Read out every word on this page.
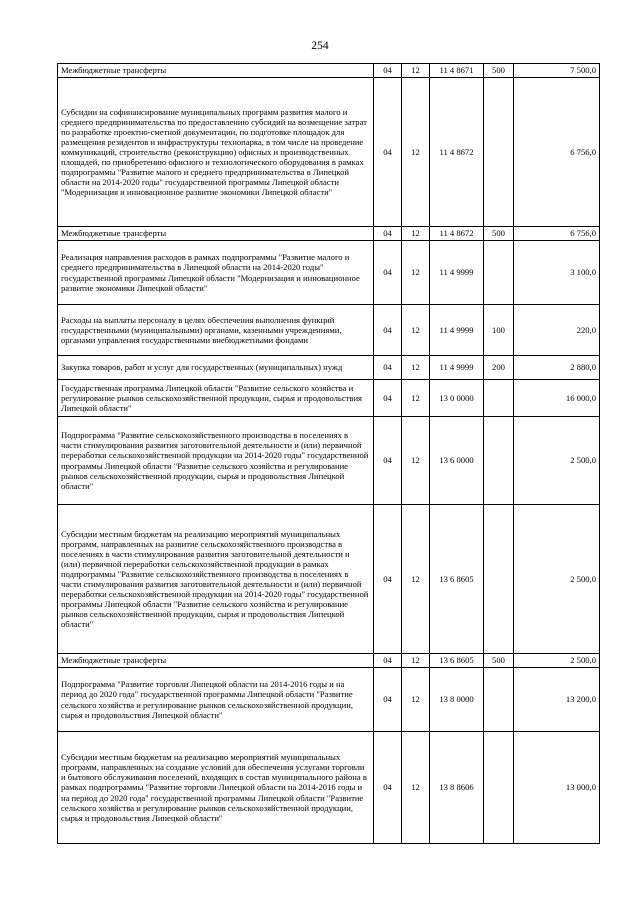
254
Межбюджетные трансферты	04	12	11 4 8671	500	7 500,0
Субсидии на софинансирование муниципальных программ развития малого и среднего предпринимательства по предоставлению субсидий на возмещение затрат по разработке проектно-сметной документации, по подготовке площадок для размещения резидентов и инфраструктуры технопарка, в том числе на проведение коммуникаций, строительство (реконструкцию) офисных и производственных площадей, по приобретению офисного и технологического оборудования в рамках подпрограммы "Развитие малого и среднего предпринимательства в Липецкой области на 2014-2020 годы" государственной программы Липецкой области "Модернизация и инновационное развитие экономики Липецкой области"	04	12	11 4 8672		6 756,0
Межбюджетные трансферты	04	12	11 4 8672	500	6 756,0
Реализация направления расходов в рамках подпрограммы "Развитие малого и среднего предпринимательства в Липецкой области на 2014-2020 годы" государственной программы Липецкой области "Модернизация и инновационное развитие экономики Липецкой области"	04	12	11 4 9999		3 100,0
Расходы на выплаты персоналу в целях обеспечения выполнения функций государственными (муниципальными) органами, казенными учреждениями, органами управления государственными внебюджетными фондами	04	12	11 4 9999	100	220,0
Закупка товаров, работ и услуг для государственных (муниципальных) нужд	04	12	11 4 9999	200	2 880,0
Государственная программа Липецкой области "Развитие сельского хозяйства и регулирование рынков сельскохозяйственной продукции, сырья и продовольствия Липецкой области"	04	12	13 0 0000		16 000,0
Подпрограмма "Развитие сельскохозяйственного производства в поселениях в части стимулирования развития заготовительной деятельности и (или) первичной переработки сельскохозяйственной продукции на 2014-2020 годы" государственной программы Липецкой области "Развитие сельского хозяйства и регулирование рынков сельскохозяйственной продукции, сырья и продовольствия Липецкой области"	04	12	13 6 0000		2 500,0
Субсидии местным бюджетам на реализацию мероприятий муниципальных программ, направленных на развитие сельскохозяйственного производства в поселениях в части стимулирования развития заготовительной деятельности и (или) первичной переработки сельскохозяйственной продукции в рамках подпрограммы "Развитие сельскохозяйственного производства в поселениях в части стимулирования развития заготовительной деятельности и (или) первичной переработки сельскохозяйственной продукции на 2014-2020 годы" государственной программы Липецкой области "Развитие сельского хозяйства и регулирование рынков сельскохозяйственной продукции, сырья и продовольствия Липецкой области"	04	12	13 6 8605		2 500,0
Межбюджетные трансферты	04	12	13 6 8605	500	2 500,0
Подпрограмма "Развитие торговли Липецкой области на 2014-2016 годы и на период до 2020 года" государственной программы Липецкой области "Развитие сельского хозяйства и регулирование рынков сельскохозяйственной продукции, сырья и продовольствия Липецкой области"	04	12	13 8 0000		13 200,0
Субсидии местным бюджетам на реализацию мероприятий муниципальных программ, направленных на создание условий для обеспечения услугами торговли и бытового обслуживания поселений, входящих в состав муниципального района в рамках подпрограммы "Развитие торговли Липецкой области на 2014-2016 годы и на период до 2020 года" государственной программы Липецкой области "Развитие сельского хозяйства и регулирование рынков сельскохозяйственной продукции, сырья и продовольствия Липецкой области"	04	12	13 8 8606		13 000,0
